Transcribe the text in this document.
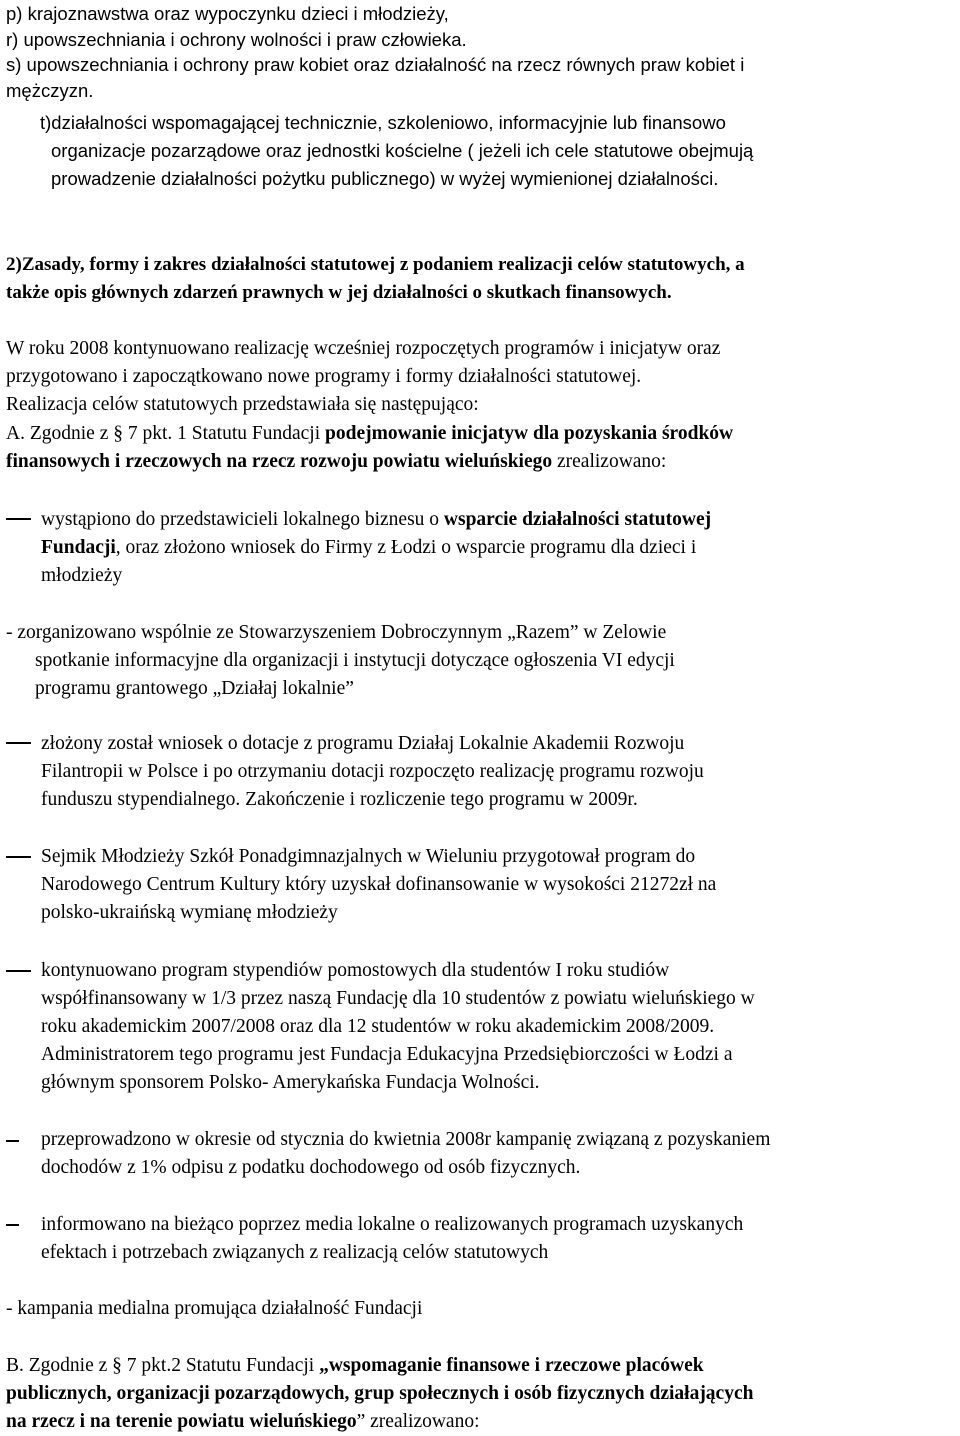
p) krajoznawstwa oraz wypoczynku dzieci i młodzieży,
r) upowszechniania i ochrony wolności i praw człowieka.
s) upowszechniania i ochrony praw kobiet oraz działalność na rzecz równych praw kobiet i
mężczyzn.
t)działalności wspomagającej technicznie, szkoleniowo, informacyjnie lub finansowo
organizacje pozarządowe oraz jednostki kościelne ( jeżeli ich cele statutowe obejmują
prowadzenie działalności pożytku publicznego) w wyżej wymienionej działalności.
2)Zasady, formy i zakres działalności statutowej z podaniem realizacji celów statutowych, a
także opis głównych zdarzeń prawnych w jej działalności o skutkach finansowych.
W roku 2008 kontynuowano realizację wcześniej rozpoczętych programów i inicjatyw oraz
przygotowano i zapoczątkowano nowe programy i formy działalności statutowej.
Realizacja celów statutowych przedstawiała się następująco:
A. Zgodnie z § 7 pkt. 1 Statutu Fundacji podejmowanie inicjatyw dla pozyskania środków
finansowych i rzeczowych na rzecz rozwoju powiatu wieluńskiego zrealizowano:
wystąpiono do przedstawicieli lokalnego biznesu o wsparcie działalności statutowej
Fundacji, oraz złożono wniosek do Firmy z Łodzi o wsparcie programu dla dzieci i
młodzieży
- zorganizowano wspólnie ze Stowarzyszeniem Dobroczynnym „Razem” w Zelowie
spotkanie informacyjne dla organizacji i instytucji dotyczące ogłoszenia VI edycji
programu grantowego „Działaj lokalnie”
złożony został wniosek o dotacje z programu Działaj Lokalnie Akademii Rozwoju
Filantropii w Polsce i po otrzymaniu dotacji rozpoczęto realizację programu rozwoju
funduszu stypendialnego. Zakończenie i rozliczenie tego programu w 2009r.
Sejmik Młodzieży Szkół Ponadgimnazjalnych w Wieluniu przygotował program do
Narodowego Centrum Kultury który uzyskał dofinansowanie w wysokości 21272zł na
polsko-ukraińską wymianę młodzieży
kontynuowano program stypendiów pomostowych dla studentów I roku studiów
współfinansowany w 1/3 przez naszą Fundację dla 10 studentów z powiatu wieluńskiego w
roku akademickim 2007/2008 oraz dla 12 studentów w roku akademickim 2008/2009.
Administratorem tego programu jest Fundacja Edukacyjna Przedsiębiorczości w Łodzi a
głównym sponsorem Polsko- Amerykańska Fundacja Wolności.
przeprowadzono w okresie od stycznia do kwietnia 2008r kampanię związaną z pozyskaniem
dochodów z 1% odpisu z podatku dochodowego od osób fizycznych.
informowano na bieżąco poprzez media lokalne o realizowanych programach uzyskanych
efektach i potrzebach związanych z realizacją celów statutowych
- kampania medialna promująca działalność Fundacji
B. Zgodnie z § 7 pkt.2 Statutu Fundacji „wspomaganie finansowe i rzeczowe placówek
publicznych, organizacji pozarządowych, grup społecznych i osób fizycznych działających
na rzecz i na terenie powiatu wieluńskiego” zrealizowano:
